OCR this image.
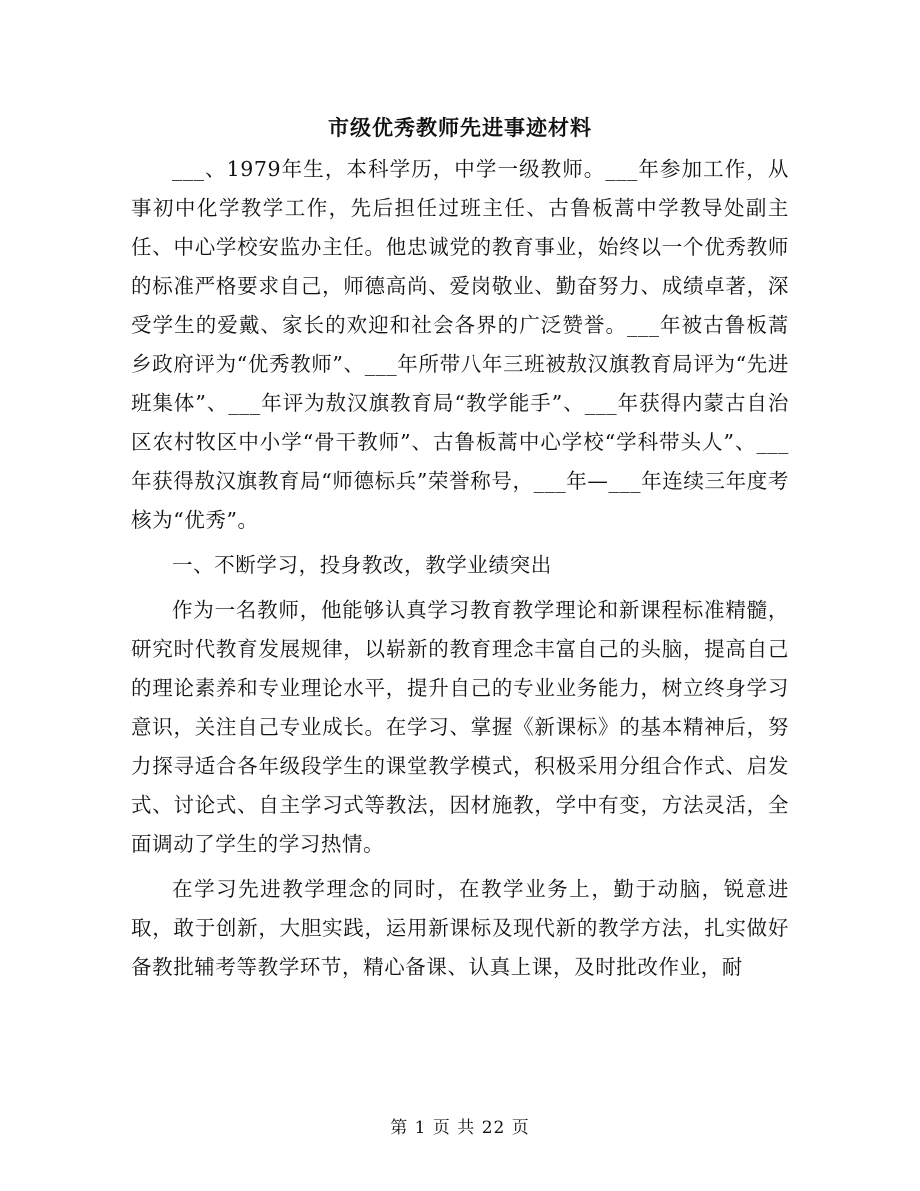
市级优秀教师先进事迹材料

___、1979年生，本科学历，中学一级教师。___年参加工作，从事初中化学教学工作，先后担任过班主任、古鲁板蒿中学教导处副主任、中心学校安监办主任。他忠诚党的教育事业，始终以一个优秀教师的标准严格要求自己，师德高尚、爱岗敬业、勤奋努力、成绩卓著，深受学生的爱戴、家长的欢迎和社会各界的广泛赞誉。___年被古鲁板蒿乡政府评为“优秀教师”、___年所带八年三班被敖汉旗教育局评为“先进班集体”、___年评为敖汉旗教育局“教学能手”、___年获得内蒙古自治区农村牧区中小学“骨干教师”、古鲁板蒿中心学校“学科带头人”、___年获得敖汉旗教育局“师德标兵”荣誉称号，___年—___年连续三年度考核为“优秀”。

一、不断学习，投身教改，教学业绩突出

作为一名教师，他能够认真学习教育教学理论和新课程标准精髓，研究时代教育发展规律，以崭新的教育理念丰富自己的头脑，提高自己的理论素养和专业理论水平，提升自己的专业业务能力，树立终身学习意识，关注自己专业成长。在学习、掌握《新课标》的基本精神后，努力探寻适合各年级段学生的课堂教学模式，积极采用分组合作式、启发式、讨论式、自主学习式等教法，因材施教，学中有变，方法灵活，全面调动了学生的学习热情。

在学习先进教学理念的同时，在教学业务上，勤于动脑，锐意进取，敢于创新，大胆实践，运用新课标及现代新的教学方法，扎实做好备教批辅考等教学环节，精心备课、认真上课，及时批改作业，耐

第 1 页 共 22 页
